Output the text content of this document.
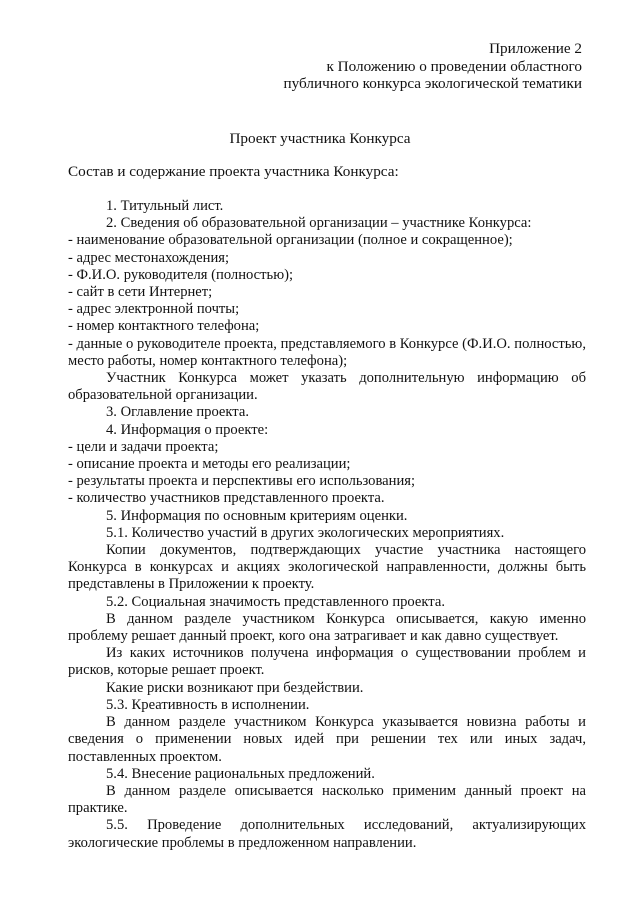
Приложение 2
к Положению о проведении областного
публичного конкурса экологической тематики
Проект участника Конкурса
Состав и содержание проекта участника Конкурса:

1. Титульный лист.

2. Сведения об образовательной организации – участнике Конкурса:

- наименование образовательной организации (полное и сокращенное);

- адрес местонахождения;

- Ф.И.О. руководителя (полностью);

- сайт в сети Интернет;

- адрес электронной почты;

- номер контактного телефона;

- данные о руководителе проекта, представляемого в Конкурсе (Ф.И.О. полностью, место работы, номер контактного телефона);

Участник Конкурса может указать дополнительную информацию об образовательной организации.

3. Оглавление проекта.

4. Информация о проекте:

- цели и задачи проекта;

- описание проекта и методы его реализации;

- результаты проекта и перспективы его использования;

- количество участников представленного проекта.

5. Информация по основным критериям оценки.

5.1. Количество участий в других экологических мероприятиях.

Копии документов, подтверждающих участие участника настоящего Конкурса в конкурсах и акциях экологической направленности, должны быть представлены в Приложении к проекту.

5.2. Социальная значимость представленного проекта.

В данном разделе участником Конкурса описывается, какую именно проблему решает данный проект, кого она затрагивает и как давно существует.

Из каких источников получена информация о существовании проблем и рисков, которые решает проект.

Какие риски возникают при бездействии.

5.3. Креативность в исполнении.

В данном разделе участником Конкурса указывается новизна работы и сведения о применении новых идей при решении тех или иных задач, поставленных проектом.

5.4. Внесение рациональных предложений.

В данном разделе описывается насколько применим данный проект на практике.

5.5. Проведение дополнительных исследований, актуализирующих экологические проблемы в предложенном направлении.
